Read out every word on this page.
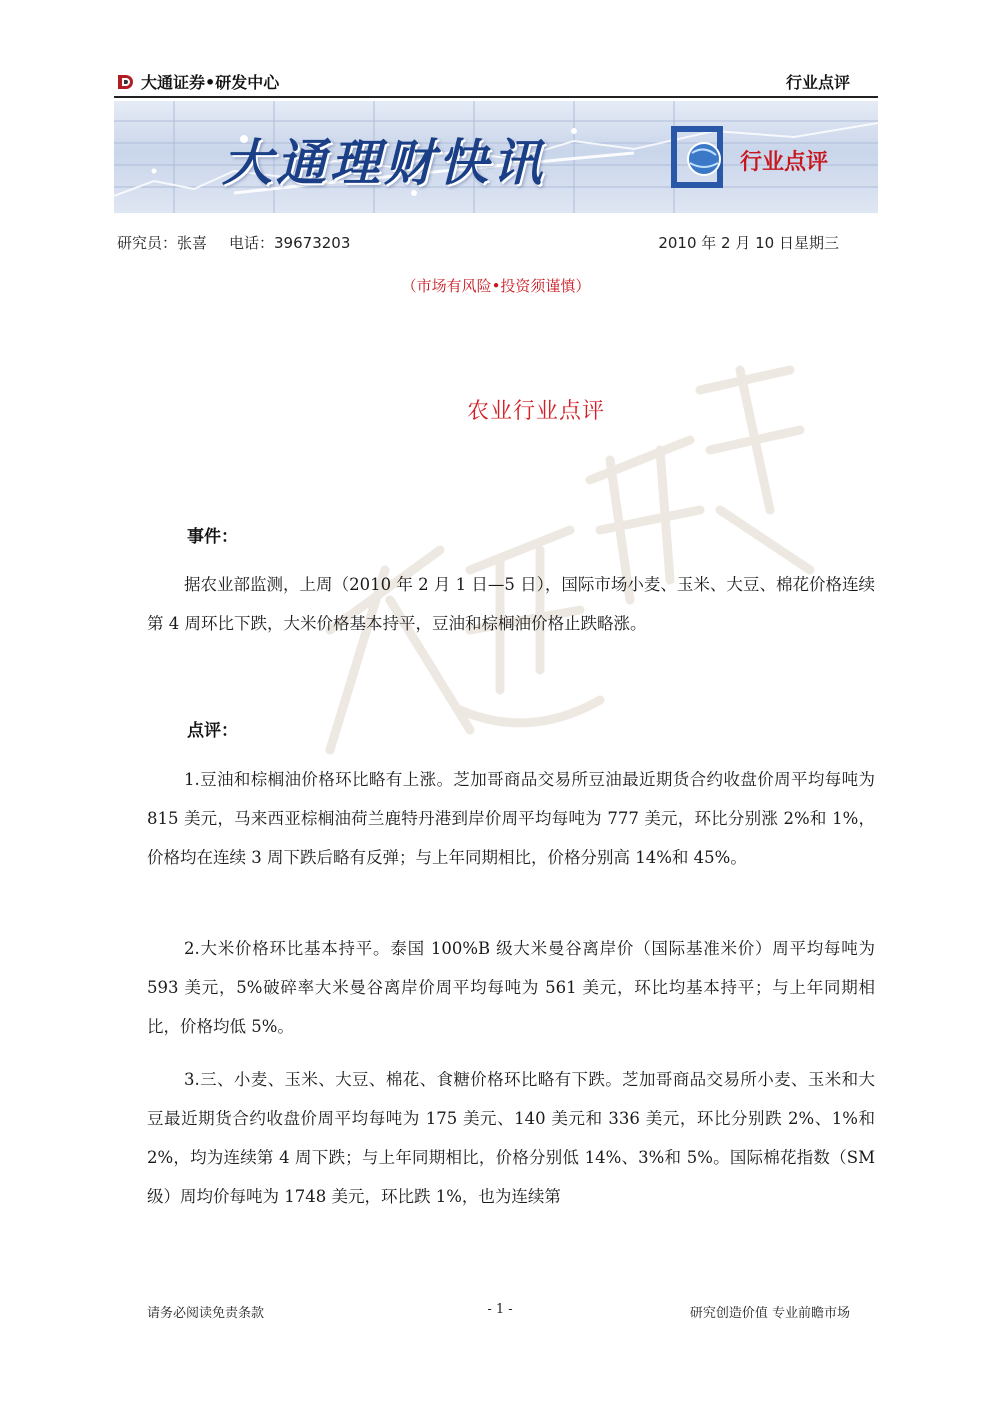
大通证券•研发中心	行业点评
大通理财快讯	行业点评
研究员：张喜 电话：39673203	2010 年 2 月 10 日星期三
（市场有风险•投资须谨慎）
农业行业点评
事件：
据农业部监测，上周（2010 年 2 月 1 日—5 日），国际市场小麦、玉米、大豆、棉花价格连续第 4 周环比下跌，大米价格基本持平，豆油和棕榈油价格止跌略涨。
点评：
1.豆油和棕榈油价格环比略有上涨。芝加哥商品交易所豆油最近期货合约收盘价周平均每吨为 815 美元，马来西亚棕榈油荷兰鹿特丹港到岸价周平均每吨为 777 美元，环比分别涨 2%和 1%，价格均在连续 3 周下跌后略有反弹；与上年同期相比，价格分别高 14%和 45%。
2.大米价格环比基本持平。泰国 100%B 级大米曼谷离岸价（国际基准米价）周平均每吨为 593 美元，5%破碎率大米曼谷离岸价周平均每吨为 561 美元，环比均基本持平；与上年同期相比，价格均低 5%。
3.三、小麦、玉米、大豆、棉花、食糖价格环比略有下跌。芝加哥商品交易所小麦、玉米和大豆最近期货合约收盘价周平均每吨为 175 美元、140 美元和 336 美元，环比分别跌 2%、1%和 2%，均为连续第 4 周下跌；与上年同期相比，价格分别低 14%、3%和 5%。国际棉花指数（SM 级）周均价每吨为 1748 美元，环比跌 1%，也为连续第
请务必阅读免责条款	- 1 -	研究创造价值 专业前瞻市场
